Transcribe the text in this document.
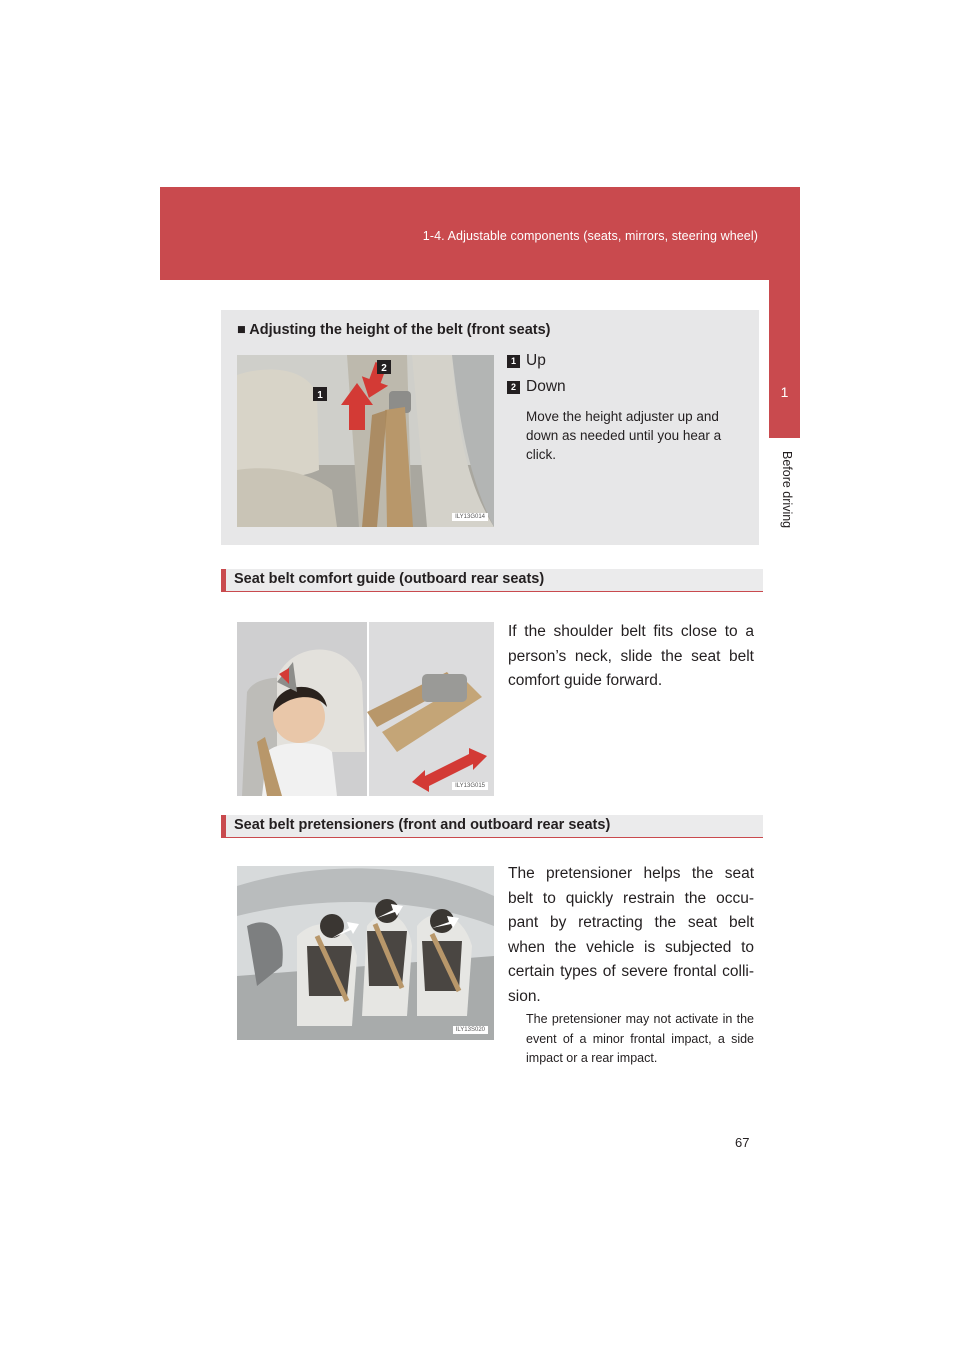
1-4. Adjustable components (seats, mirrors, steering wheel)
1
Before driving
■ Adjusting the height of the belt (front seats)
1
2
ILY13G014
1 Up
2 Down
Move the height adjuster up and down as needed until you hear a click.
Seat belt comfort guide (outboard rear seats)
ILY13G015
If the shoulder belt fits close to a person’s neck, slide the seat belt comfort guide forward.
Seat belt pretensioners (front and outboard rear seats)
ILY13S020
The pretensioner helps the seat belt to quickly restrain the occu- pant by retracting the seat belt when the vehicle is subjected to certain types of severe frontal colli- sion.
The pretensioner may not activate in the event of a minor frontal impact, a side impact or a rear impact.
67
